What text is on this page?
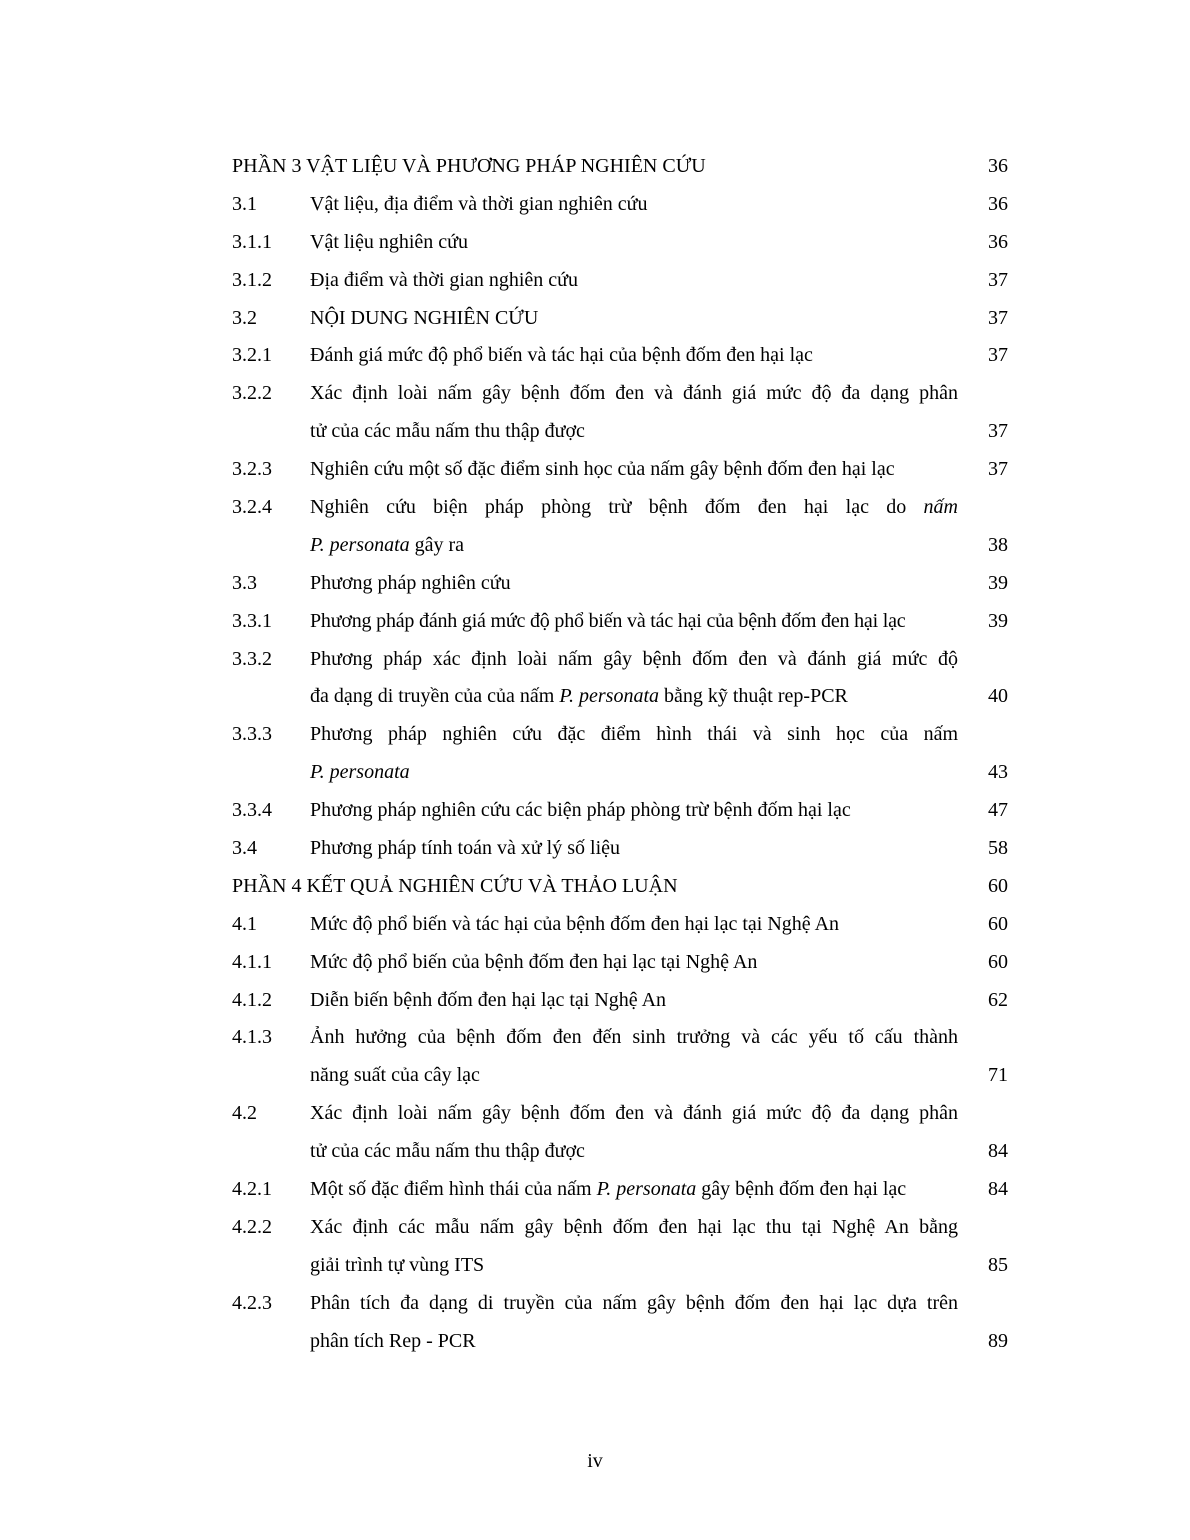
PHẦN 3 VẬT LIỆU VÀ PHƯƠNG PHÁP NGHIÊN CỨU	36
3.1	Vật liệu, địa điểm và thời gian nghiên cứu	36
3.1.1 Vật liệu nghiên cứu	36
3.1.2 Địa điểm và thời gian nghiên cứu	37
3.2	NỘI DUNG NGHIÊN CỨU	37
3.2.1 Đánh giá mức độ phổ biến và tác hại của bệnh đốm đen hại lạc	37
3.2.2 Xác định loài nấm gây bệnh đốm đen và đánh giá mức độ đa dạng phân
tử của các mẫu nấm thu thập được	37
3.2.3 Nghiên cứu một số đặc điểm sinh học của nấm gây bệnh đốm đen hại lạc	37
3.2.4 Nghiên cứu biện pháp phòng trừ bệnh đốm đen hại lạc do nấm
P. personata gây ra	38
3.3	Phương pháp nghiên cứu	39
3.3.1 Phương pháp đánh giá mức độ phổ biến và tác hại của bệnh đốm đen hại lạc	39
3.3.2 Phương pháp xác định loài nấm gây bệnh đốm đen và đánh giá mức độ
đa dạng di truyền của của nấm P. personata bằng kỹ thuật rep-PCR	40
3.3.3 Phương pháp nghiên cứu đặc điểm hình thái và sinh học của nấm
P. personata	43
3.3.4 Phương pháp nghiên cứu các biện pháp phòng trừ bệnh đốm hại lạc	47
3.4	Phương pháp tính toán và xử lý số liệu	58
PHẦN 4 KẾT QUẢ NGHIÊN CỨU VÀ THẢO LUẬN	60
4.1	Mức độ phổ biến và tác hại của bệnh đốm đen hại lạc tại Nghệ An	60
4.1.1 Mức độ phổ biến của bệnh đốm đen hại lạc tại Nghệ An	60
4.1.2 Diễn biến bệnh đốm đen hại lạc tại Nghệ An	62
4.1.3 Ảnh hưởng của bệnh đốm đen đến sinh trưởng và các yếu tố cấu thành
năng suất của cây lạc	71
4.2	Xác định loài nấm gây bệnh đốm đen và đánh giá mức độ đa dạng phân
tử của các mẫu nấm thu thập được	84
4.2.1 Một số đặc điểm hình thái của nấm P. personata gây bệnh đốm đen hại lạc	84
4.2.2 Xác định các mẫu nấm gây bệnh đốm đen hại lạc thu tại Nghệ An bằng
giải trình tự vùng ITS	85
4.2.3 Phân tích đa dạng di truyền của nấm gây bệnh đốm đen hại lạc dựa trên
phân tích Rep - PCR	89
iv
